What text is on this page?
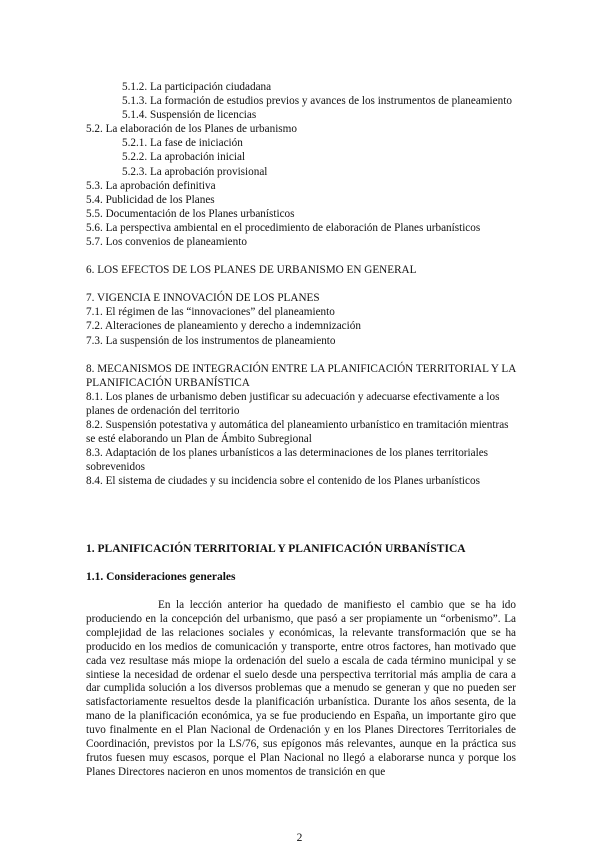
5.1.2. La participación ciudadana
5.1.3. La formación de estudios previos y avances de los instrumentos de planeamiento
5.1.4. Suspensión de licencias
5.2. La elaboración de los Planes de urbanismo
5.2.1. La fase de iniciación
5.2.2. La aprobación inicial
5.2.3. La aprobación provisional
5.3. La aprobación definitiva
5.4. Publicidad de los Planes
5.5. Documentación de los Planes urbanísticos
5.6. La perspectiva ambiental en el procedimiento de elaboración de Planes urbanísticos
5.7. Los convenios de planeamiento
6. LOS EFECTOS DE LOS PLANES DE URBANISMO EN GENERAL
7. VIGENCIA E INNOVACIÓN DE LOS PLANES
7.1. El régimen de las “innovaciones” del planeamiento
7.2. Alteraciones de planeamiento y derecho a indemnización
7.3. La suspensión de los instrumentos de planeamiento
8. MECANISMOS DE INTEGRACIÓN ENTRE LA PLANIFICACIÓN TERRITORIAL Y LA PLANIFICACIÓN URBANÍSTICA
8.1. Los planes de urbanismo deben justificar su adecuación y adecuarse efectivamente a los planes de ordenación del territorio
8.2. Suspensión potestativa y automática del planeamiento urbanístico en tramitación mientras se esté elaborando un Plan de Ámbito Subregional
8.3. Adaptación de los planes urbanísticos a las determinaciones de los planes territoriales sobrevenidos
8.4. El sistema de ciudades y su incidencia sobre el contenido de los Planes urbanísticos
1. PLANIFICACIÓN TERRITORIAL Y PLANIFICACIÓN URBANÍSTICA
1.1. Consideraciones generales
En la lección anterior ha quedado de manifiesto el cambio que se ha ido produciendo en la concepción del urbanismo, que pasó a ser propiamente un “orbenismo”. La complejidad de las relaciones sociales y económicas, la relevante transformación que se ha producido en los medios de comunicación y transporte, entre otros factores, han motivado que cada vez resultase más miope la ordenación del suelo a escala de cada término municipal y se sintiese la necesidad de ordenar el suelo desde una perspectiva territorial más amplia de cara a dar cumplida solución a los diversos problemas que a menudo se generan y que no pueden ser satisfactoriamente resueltos desde la planificación urbanística. Durante los años sesenta, de la mano de la planificación económica, ya se fue produciendo en España, un importante giro que tuvo finalmente en el Plan Nacional de Ordenación y en los Planes Directores Territoriales de Coordinación, previstos por la LS/76, sus epígonos más relevantes, aunque en la práctica sus frutos fuesen muy escasos, porque el Plan Nacional no llegó a elaborarse nunca y porque los Planes Directores nacieron en unos momentos de transición en que
2
